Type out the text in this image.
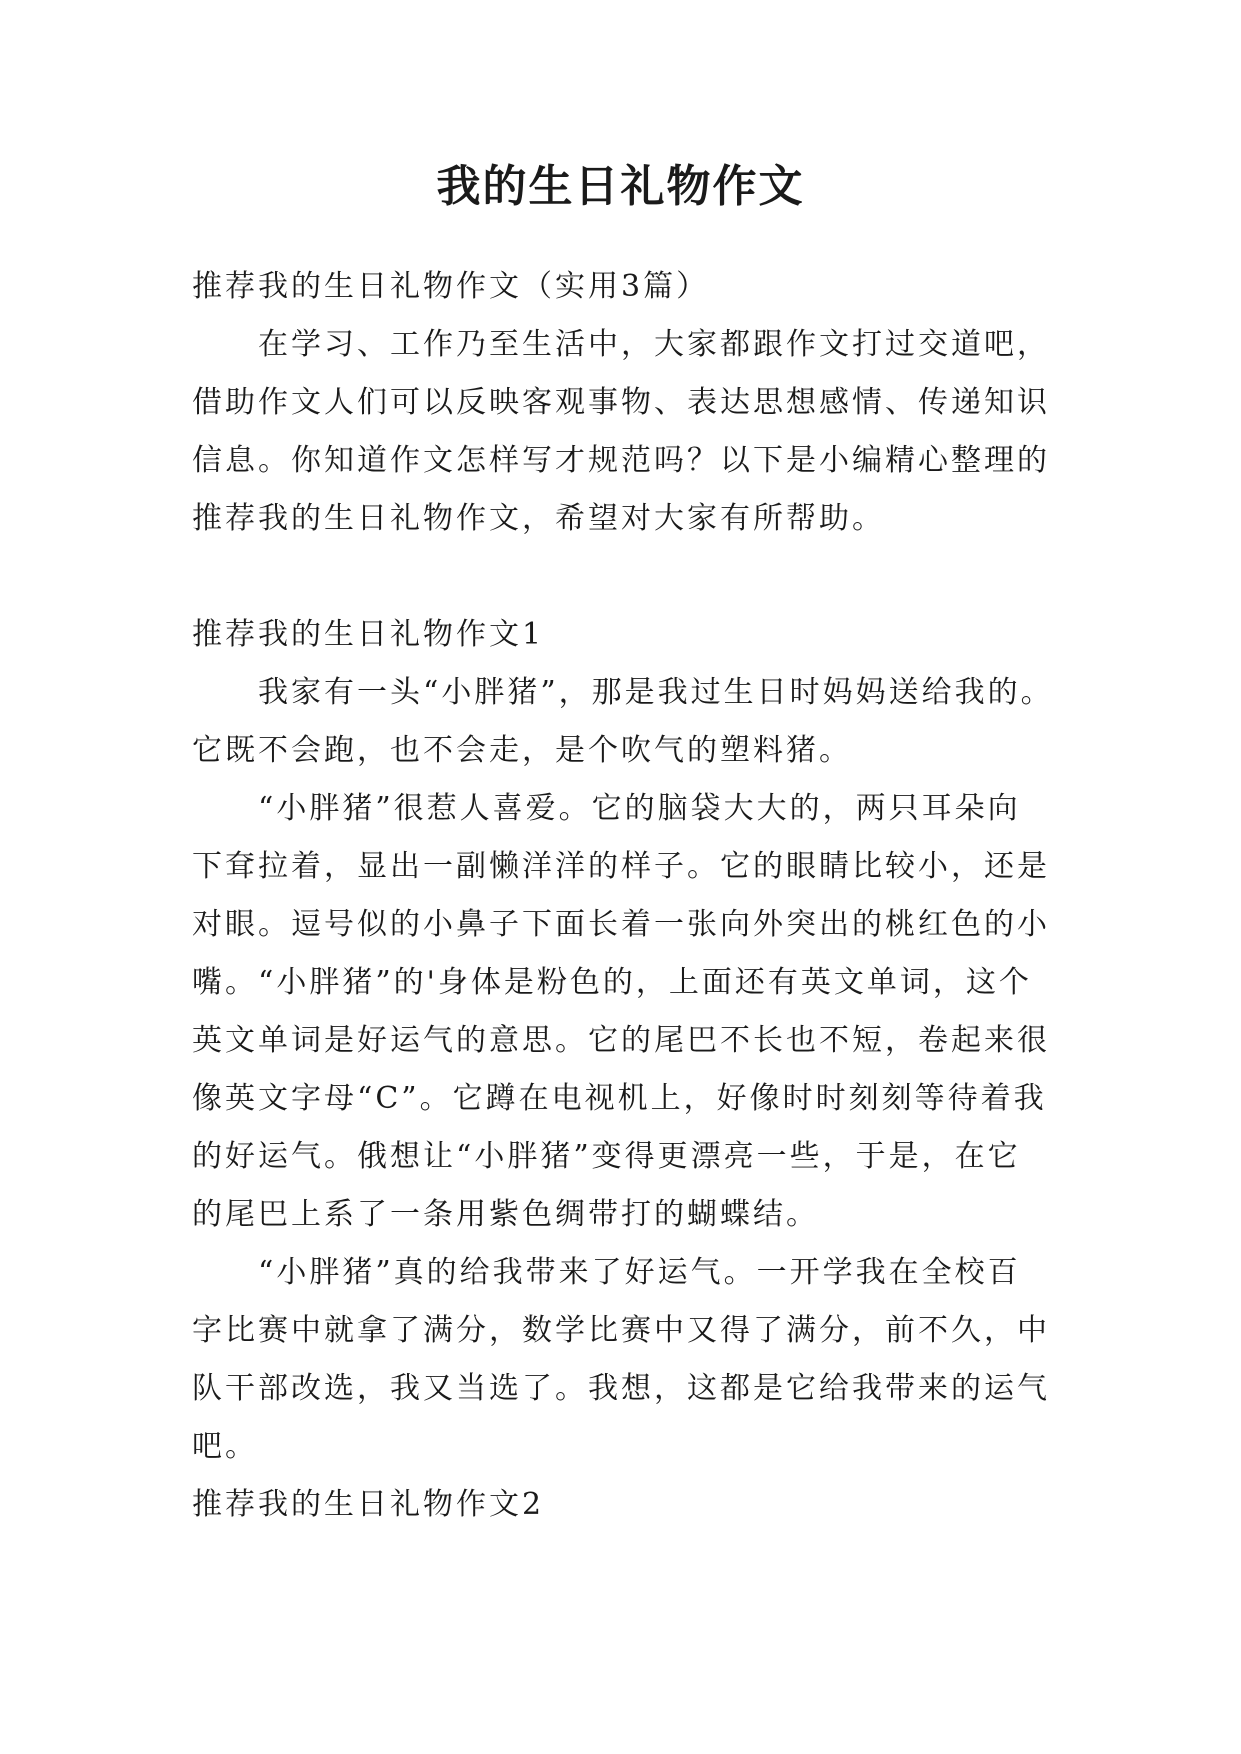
我的生日礼物作文
推荐我的生日礼物作文（实用3篇）
在学习、工作乃至生活中，大家都跟作文打过交道吧，
借助作文人们可以反映客观事物、表达思想感情、传递知识
信息。你知道作文怎样写才规范吗？以下是小编精心整理的
推荐我的生日礼物作文，希望对大家有所帮助。
推荐我的生日礼物作文1
我家有一头“小胖猪”，那是我过生日时妈妈送给我的。
它既不会跑，也不会走，是个吹气的塑料猪。
“小胖猪”很惹人喜爱。它的脑袋大大的，两只耳朵向
下耷拉着，显出一副懒洋洋的样子。它的眼睛比较小，还是
对眼。逗号似的小鼻子下面长着一张向外突出的桃红色的小
嘴。“小胖猪”的'身体是粉色的，上面还有英文单词，这个
英文单词是好运气的意思。它的尾巴不长也不短，卷起来很
像英文字母“C”。它蹲在电视机上，好像时时刻刻等待着我
的好运气。俄想让“小胖猪”变得更漂亮一些，于是，在它
的尾巴上系了一条用紫色绸带打的蝴蝶结。
“小胖猪”真的给我带来了好运气。一开学我在全校百
字比赛中就拿了满分，数学比赛中又得了满分，前不久，中
队干部改选，我又当选了。我想，这都是它给我带来的运气
吧。
推荐我的生日礼物作文2
